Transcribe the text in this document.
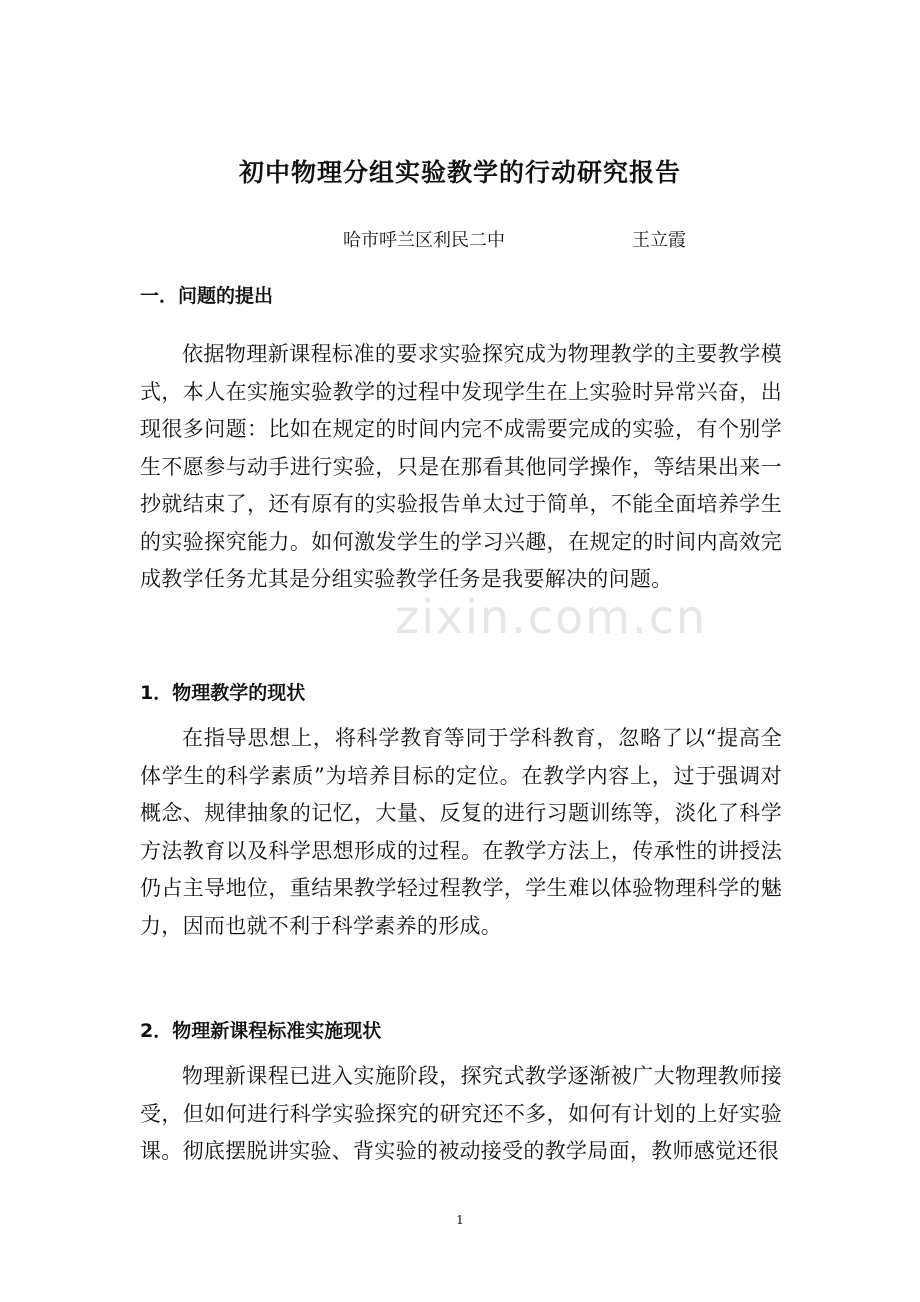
zixin.com.cn
初中物理分组实验教学的行动研究报告
哈市呼兰区利民二中	王立霞
一．问题的提出
依据物理新课程标准的要求实验探究成为物理教学的主要教学模式，本人在实施实验教学的过程中发现学生在上实验时异常兴奋，出现很多问题：比如在规定的时间内完不成需要完成的实验，有个别学生不愿参与动手进行实验，只是在那看其他同学操作，等结果出来一抄就结束了，还有原有的实验报告单太过于简单，不能全面培养学生的实验探究能力。如何激发学生的学习兴趣，在规定的时间内高效完成教学任务尤其是分组实验教学任务是我要解决的问题。
1．物理教学的现状
在指导思想上，将科学教育等同于学科教育，忽略了以“提高全体学生的科学素质”为培养目标的定位。在教学内容上，过于强调对概念、规律抽象的记忆，大量、反复的进行习题训练等，淡化了科学方法教育以及科学思想形成的过程。在教学方法上，传承性的讲授法仍占主导地位，重结果教学轻过程教学，学生难以体验物理科学的魅力，因而也就不利于科学素养的形成。
2．物理新课程标准实施现状
物理新课程已进入实施阶段，探究式教学逐渐被广大物理教师接受，但如何进行科学实验探究的研究还不多，如何有计划的上好实验课。彻底摆脱讲实验、背实验的被动接受的教学局面，教师感觉还很
1
